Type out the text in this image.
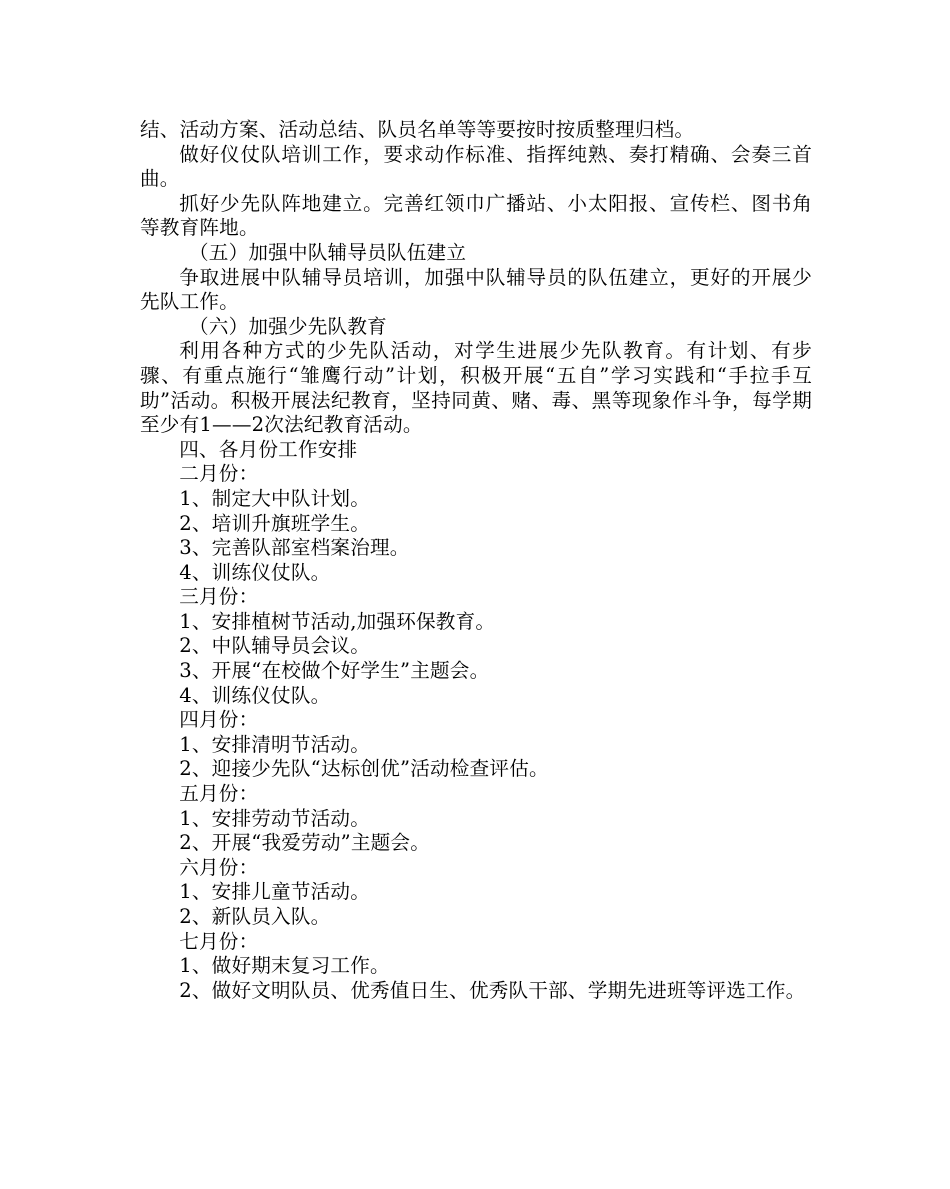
结、活动方案、活动总结、队员名单等等要按时按质整理归档。

做好仪仗队培训工作，要求动作标准、指挥纯熟、奏打精确、会奏三首曲。

抓好少先队阵地建立。完善红领巾广播站、小太阳报、宣传栏、图书角等教育阵地。

（五）加强中队辅导员队伍建立

争取进展中队辅导员培训，加强中队辅导员的队伍建立，更好的开展少先队工作。

（六）加强少先队教育

利用各种方式的少先队活动，对学生进展少先队教育。有计划、有步骤、有重点施行“雏鹰行动”计划，积极开展“五自”学习实践和“手拉手互助”活动。积极开展法纪教育，坚持同黄、赌、毒、黑等现象作斗争，每学期至少有1——2次法纪教育活动。

四、各月份工作安排

二月份：

1、制定大中队计划。

2、培训升旗班学生。

3、完善队部室档案治理。

4、训练仪仗队。

三月份：

1、安排植树节活动,加强环保教育。

2、中队辅导员会议。

3、开展“在校做个好学生”主题会。

4、训练仪仗队。

四月份：

1、安排清明节活动。

2、迎接少先队“达标创优”活动检查评估。

五月份：

1、安排劳动节活动。

2、开展“我爱劳动”主题会。

六月份：

1、安排儿童节活动。

2、新队员入队。

七月份：

1、做好期末复习工作。

2、做好文明队员、优秀值日生、优秀队干部、学期先进班等评选工作。
